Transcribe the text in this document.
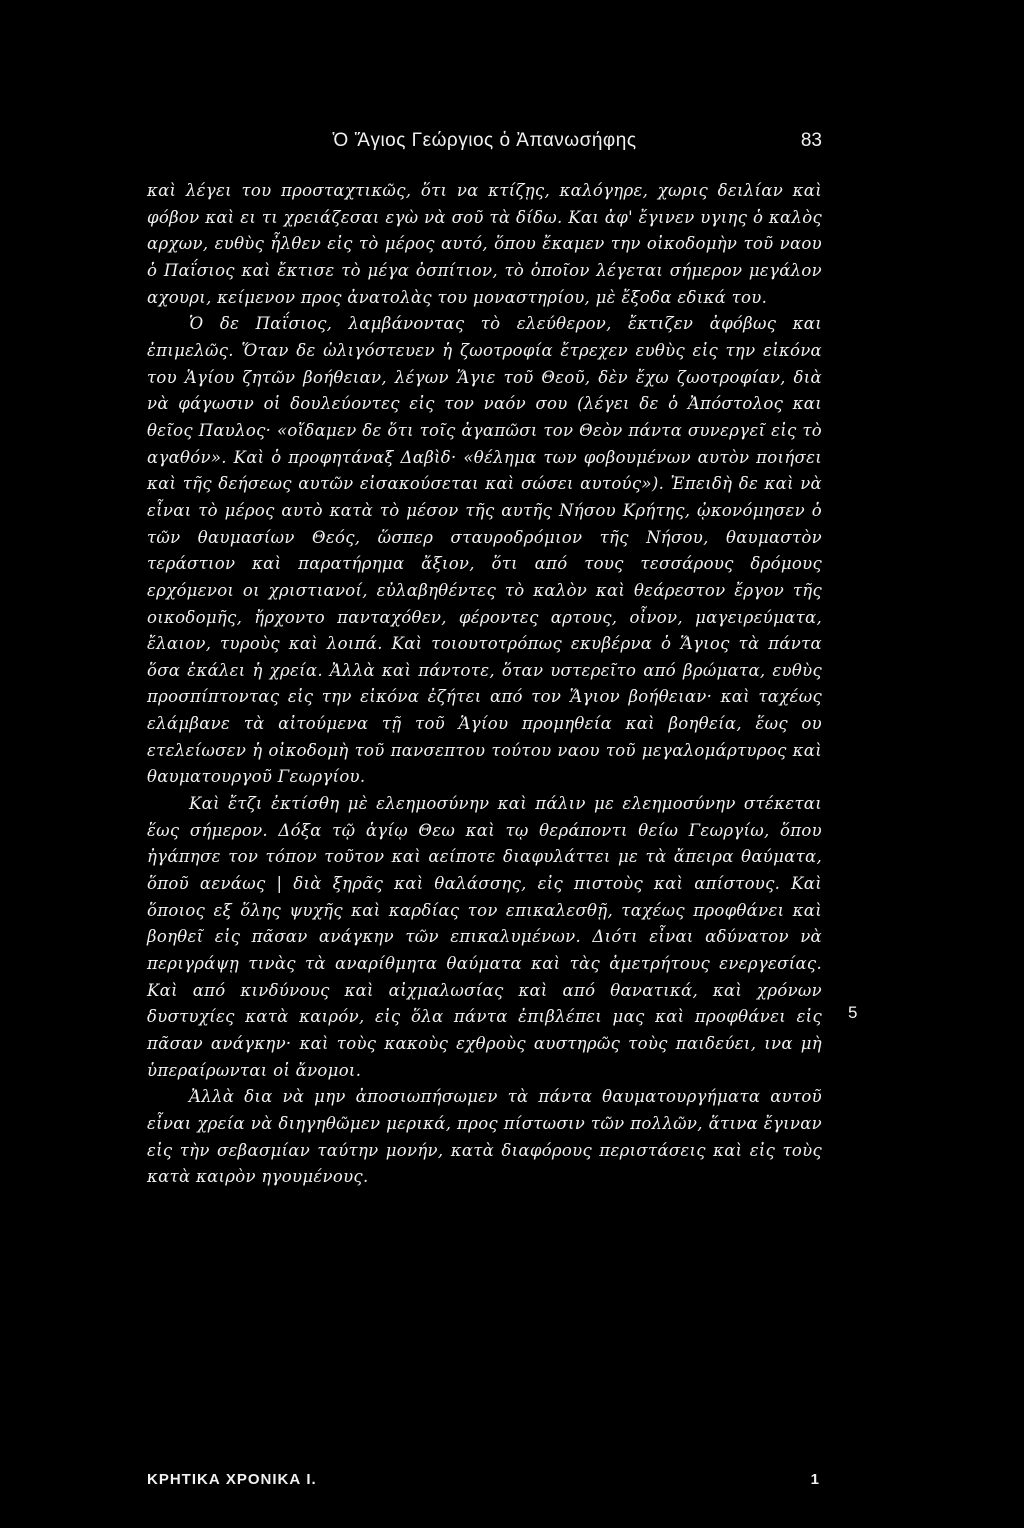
Ὁ Ἅγιος Γεώργιος ὁ Ἀπανωσήφης	83

καὶ λέγει του προσταχτικῶς, ὅτι να κτίζῃς, καλόγηρε, χωρις δειλίαν καὶ φόβον καὶ ει τι χρειάζεσαι εγὼ νὰ σοῦ τὰ δίδω. Και ἀφ' ἔγινεν υγιης ὁ καλὸς αρχων, ευθὺς ἦλθεν εἰς τὸ μέρος αυτό, ὅπου ἔκαμεν την οἰκοδομὴν τοῦ ναου ὁ Παΐσιος καὶ ἔκτισε τὸ μέγα ὀσπίτιον, τὸ ὁποῖον λέγεται σήμερον μεγάλον αχουρι, κείμενον προς ἀνατολὰς του μοναστηρίου, μὲ ἔξοδα εδικά του.

Ὁ δε Παΐσιος, λαμβάνοντας τὸ ελεύθερον, ἔκτιζεν ἀφόβως και ἐπιμελῶς. Ὅταν δε ὠλιγόστευεν ἡ ζωοτροφία ἔτρεχεν ευθὺς εἰς την εἰκόνα του Ἁγίου ζητῶν βοήθειαν, λέγων Ἅγιε τοῦ Θεοῦ, δὲν ἔχω ζωοτροφίαν, διὰ νὰ φάγωσιν οἱ δουλεύοντες εἰς τον ναόν σου (λέγει δε ὁ Ἀπόστολος και θεῖος Παυλος· «οἴδαμεν δε ὅτι τοῖς ἀγαπῶσι τον Θεὸν πάντα συνεργεῖ εἰς τὸ αγαθόν». Καὶ ὁ προφητάναξ Δαβὶδ· «θέλημα των φοβουμένων αυτὸν ποιήσει καὶ τῆς δεήσεως αυτῶν εἰσακούσεται καὶ σώσει αυτούς»). Ἐπειδὴ δε καὶ νὰ εἶναι τὸ μέρος αυτὸ κατὰ τὸ μέσον τῆς αυτῆς Νήσου Κρήτης, ᾠκονόμησεν ὁ τῶν θαυμασίων Θεός, ὥσπερ σταυροδρόμιον τῆς Νήσου, θαυμαστὸν τεράστιον καὶ παρατήρημα ἄξιον, ὅτι από τους τεσσάρους δρόμους ερχόμενοι οι χριστιανοί, εὐλαβηθέντες τὸ καλὸν καὶ θεάρεστον ἔργον τῆς οικοδομῆς, ἤρχοντο πανταχόθεν, φέροντες αρτους, οἶνον, μαγειρεύματα, ἔλαιον, τυροὺς καὶ λοιπά. Καὶ τοιουτοτρόπως εκυβέρνα ὁ Ἅγιος τὰ πάντα ὅσα ἐκάλει ἡ χρεία. Ἀλλὰ καὶ πάντοτε, ὅταν υστερεῖτο από βρώματα, ευθὺς προσπίπτοντας εἰς την εἰκόνα ἐζήτει από τον Ἅγιον βοήθειαν· καὶ ταχέως ελάμβανε τὰ αἰτούμενα τῇ τοῦ Ἁγίου προμηθεία καὶ βοηθεία, ἕως ου ετελείωσεν ἡ οἰκοδομὴ τοῦ πανσεπτου τούτου ναου τοῦ μεγαλομάρτυρος καὶ θαυματουργοῦ Γεωργίου.

Καὶ ἔτζι ἐκτίσθη μὲ ελεημοσύνην καὶ πάλιν με ελεημοσύνην στέκεται ἕως σήμερον. Δόξα τῷ ἁγίῳ Θεω καὶ τῳ θεράποντι θείω Γεωργίω, ὅπου ἠγάπησε τον τόπον τοῦτον καὶ αείποτε διαφυλάττει με τὰ ἄπειρα θαύματα, ὅποῦ αενάως | διὰ ξηρᾶς καὶ θαλάσσης, εἰς πιστοὺς καὶ απίστους. Καὶ ὅποιος εξ ὅλης ψυχῆς καὶ καρδίας τον επικαλεσθῇ, ταχέως προφθάνει καὶ βοηθεῖ εἰς πᾶσαν ανάγκην τῶν επικαλυμένων. Διότι εἶναι αδύνατον νὰ περιγράψῃ τινὰς τὰ αναρίθμητα θαύματα καὶ τὰς ἀμετρήτους ενεργεσίας. Καὶ από κινδύνους καὶ αἰχμαλωσίας καὶ από θανατικά, καὶ χρόνων δυστυχίες κατὰ καιρόν, εἰς ὅλα πάντα ἐπιβλέπει μας καὶ προφθάνει εἰς πᾶσαν ανάγκην· καὶ τοὺς κακοὺς εχθροὺς αυστηρῶς τοὺς παιδεύει, ινα μὴ ὑπεραίρωνται οἱ ἄνομοι.

Ἀλλὰ δια νὰ μην ἀποσιωπήσωμεν τὰ πάντα θαυματουργήματα αυτοῦ εἶναι χρεία νὰ διηγηθῶμεν μερικά, προς πίστωσιν τῶν πολλῶν, ἅτινα ἔγιναν εἰς τὴν σεβασμίαν ταύτην μονήν, κατὰ διαφόρους περιστάσεις καὶ εἰς τοὺς κατὰ καιρὸν ηγουμένους.

5
ΚΡΗΤΙΚΑ ΧΡΟΝΙΚΑ Ι.	1
